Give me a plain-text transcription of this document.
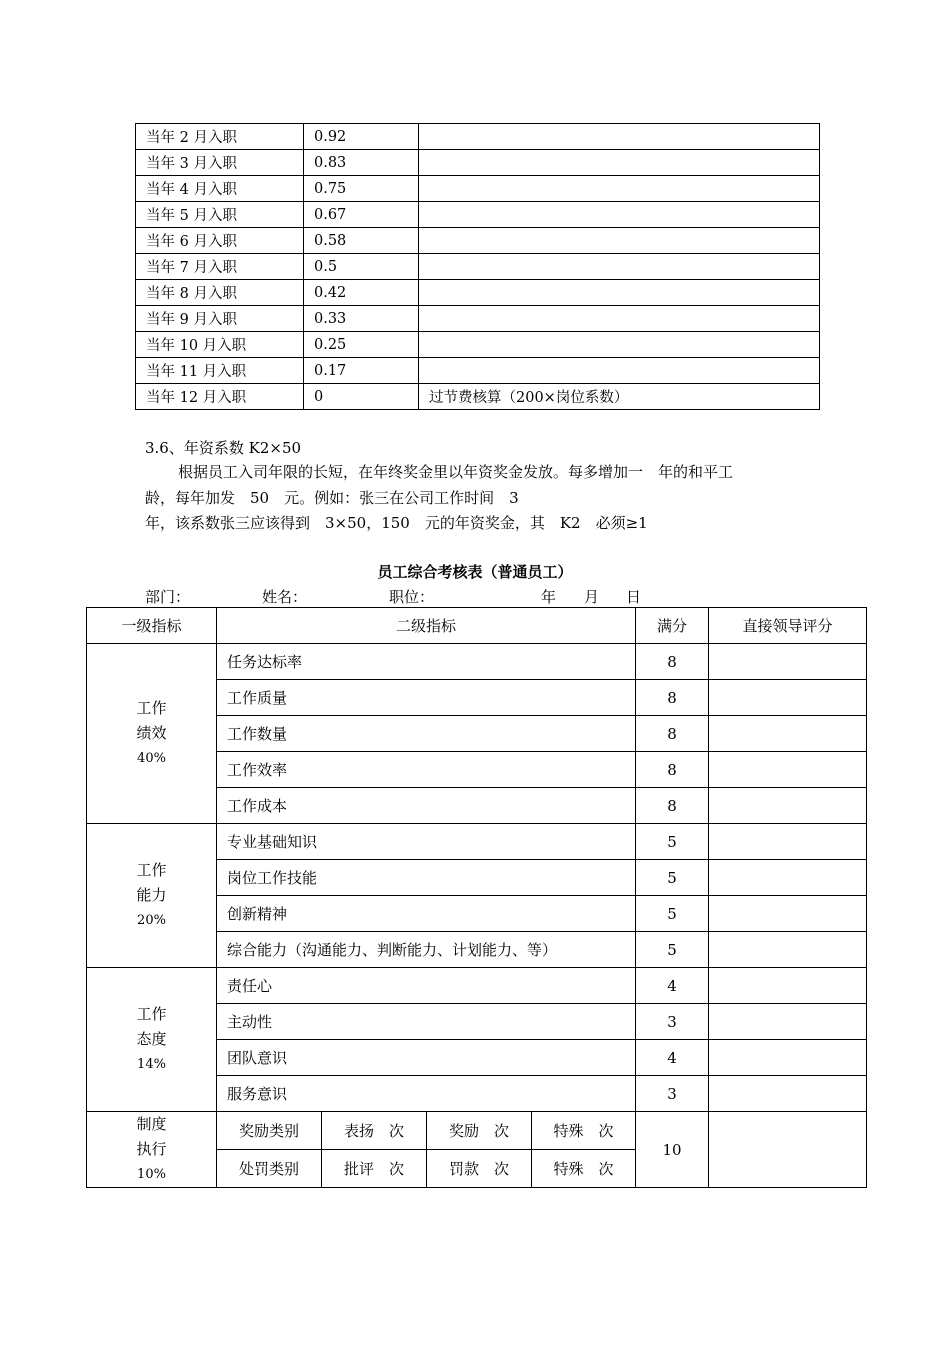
当年 2 月入职	0.92	
当年 3 月入职	0.83	
当年 4 月入职	0.75	
当年 5 月入职	0.67	
当年 6 月入职	0.58	
当年 7 月入职	0.5	
当年 8 月入职	0.42	
当年 9 月入职	0.33	
当年 10 月入职	0.25	
当年 11 月入职	0.17	
当年 12 月入职	0	过节费核算（200×岗位系数）
3.6、年资系数 K2×50
根据员工入司年限的长短，在年终奖金里以年资奖金发放。每多增加一　年的和平工
龄，每年加发　50　元。例如：张三在公司工作时间　3
年，该系数张三应该得到　3×50，150　元的年资奖金，其　K2　必须≥1
员工综合考核表（普通员工）
部门：	姓名：	职位：	年 月 日
一级指标	二级指标				满分	直接领导评分

工作
绩效
40%	任务达标率				8	
	工作质量				8	
	工作数量				8	
	工作效率				8	
	工作成本				8	

工作
能力
20%	专业基础知识				5	
	岗位工作技能				5	
	创新精神				5	
	综合能力（沟通能力、判断能力、计划能力、等）				5	

工作
态度
14%	责任心				4	
	主动性				3	
	团队意识				4	
	服务意识				3	

制度
执行
10%	奖励类别	表扬　次	奖励　次	特殊　次	10	
	处罚类别	批评　次	罚款　次	特殊　次		
